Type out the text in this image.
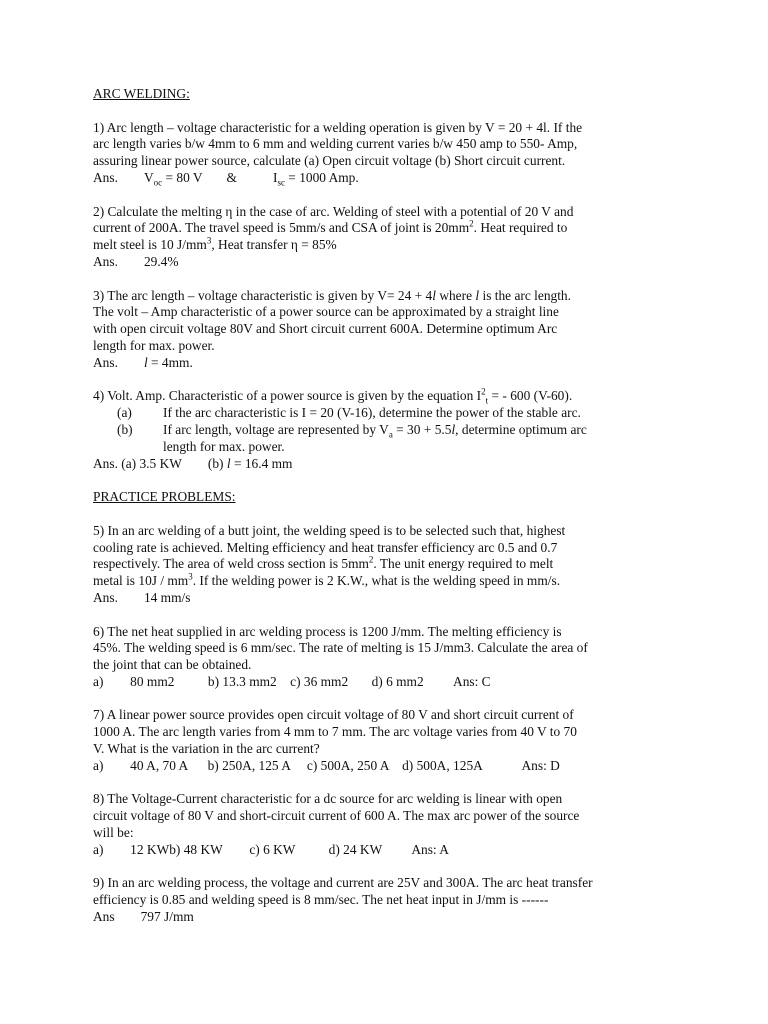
ARC WELDING:

1) Arc length – voltage characteristic for a welding operation is given by V = 20 + 4l. If the

arc length varies b/w 4mm to 6 mm and welding current varies b/w 450 amp to 550- Amp,

assuring linear power source, calculate (a) Open circuit voltage (b) Short circuit current.

Ans. $V_{oc} = 80$ V &	$I_{sc} = 1000$ Amp.

2) Calculate the melting η in the case of arc. Welding of steel with a potential of 20 V and

current of 200A. The travel speed is 5mm/s and CSA of joint is $20mm^2$. Heat required to

melt steel is 10 $J/mm^3$, Heat transfer η = 85%

Ans. 29.4%

3) The arc length – voltage characteristic is given by V= 24 + 4l where l is the arc length.

The volt – Amp characteristic of a power source can be approximated by a straight line

with open circuit voltage 80V and Short circuit current 600A. Determine optimum Arc

length for max. power.

Ans. l = 4mm.

4) Volt. Amp. Characteristic of a power source is given by the equation $I^2_t$ = - 600 (V-60).

(a)	If the arc characteristic is I = 20 (V-16), determine the power of the stable arc.
(b)	If arc length, voltage are represented by $V_a = 30 + 5.5l$, determine optimum arc
length for max. power.

Ans. (a) 3.5 KW (b) l = 16.4 mm

PRACTICE PROBLEMS:

5) In an arc welding of a butt joint, the welding speed is to be selected such that, highest

cooling rate is achieved. Melting efficiency and heat transfer efficiency arc 0.5 and 0.7

respectively. The area of weld cross section is $5mm^2$. The unit energy required to melt

metal is $10J / mm^3$. If the welding power is 2 K.W., what is the welding speed in mm/s.

Ans. 14 mm/s

6) The net heat supplied in arc welding process is 1200 J/mm. The melting efficiency is

45%. The welding speed is 6 mm/sec. The rate of melting is 15 J/mm3. Calculate the area of

the joint that can be obtained.

a)        80 mm2          b) 13.3 mm2    c) 36 mm2       d) 6 mm2         Ans: C

7) A linear power source provides open circuit voltage of 80 V and short circuit current of

1000 A. The arc length varies from 4 mm to 7 mm. The arc voltage varies from 40 V to 70

V. What is the variation in the arc current?

a)        40 A, 70 A      b) 250A, 125 A     c) 500A, 250 A    d) 500A, 125A            Ans: D

8) The Voltage-Current characteristic for a dc source for arc welding is linear with open

circuit voltage of 80 V and short-circuit current of 600 A. The max arc power of the source

will be:

a)        12 KWb) 48 KW        c) 6 KW          d) 24 KW         Ans: A

9) In an arc welding process, the voltage and current are 25V and 300A. The arc heat transfer

efficiency is 0.85 and welding speed is 8 mm/sec. The net heat input in J/mm is ------

Ans 797 J/mm
